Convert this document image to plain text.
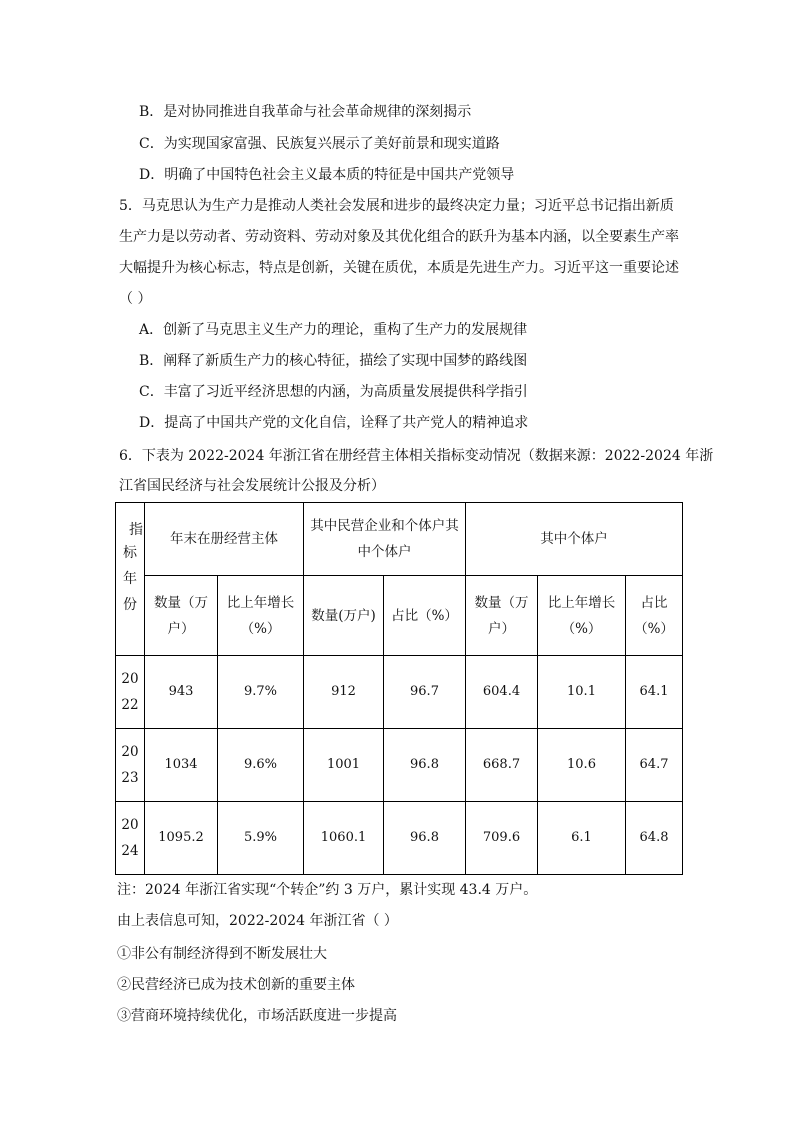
B．是对协同推进自我革命与社会革命规律的深刻揭示
C．为实现国家富强、民族复兴展示了美好前景和现实道路
D．明确了中国特色社会主义最本质的特征是中国共产党领导
5．马克思认为生产力是推动人类社会发展和进步的最终决定力量；习近平总书记指出新质
生产力是以劳动者、劳动资料、劳动对象及其优化组合的跃升为基本内涵，以全要素生产率
大幅提升为核心标志，特点是创新，关键在质优，本质是先进生产力。习近平这一重要论述
（ ）
A．创新了马克思主义生产力的理论，重构了生产力的发展规律
B．阐释了新质生产力的核心特征，描绘了实现中国梦的路线图
C．丰富了习近平经济思想的内涵，为高质量发展提供科学指引
D．提高了中国共产党的文化自信，诠释了共产党人的精神追求
6．下表为 2022-2024 年浙江省在册经营主体相关指标变动情况（数据来源：2022-2024 年浙
江省国民经济与社会发展统计公报及分析）
指
标
年
份	年末在册经营主体		其中民营企业和个体户其中个体户		其中个体户		
	数量（万户）	比上年增长（%）	数量(万户)	占比（%）	数量（万户）	比上年增长（%）	占比（%）
2022	943	9.7%	912	96.7	604.4	10.1	64.1
2023	1034	9.6%	1001	96.8	668.7	10.6	64.7
2024	1095.2	5.9%	1060.1	96.8	709.6	6.1	64.8
注：2024 年浙江省实现“个转企”约 3 万户，累计实现 43.4 万户。
由上表信息可知，2022-2024 年浙江省（ ）
①非公有制经济得到不断发展壮大
②民营经济已成为技术创新的重要主体
③营商环境持续优化，市场活跃度进一步提高
